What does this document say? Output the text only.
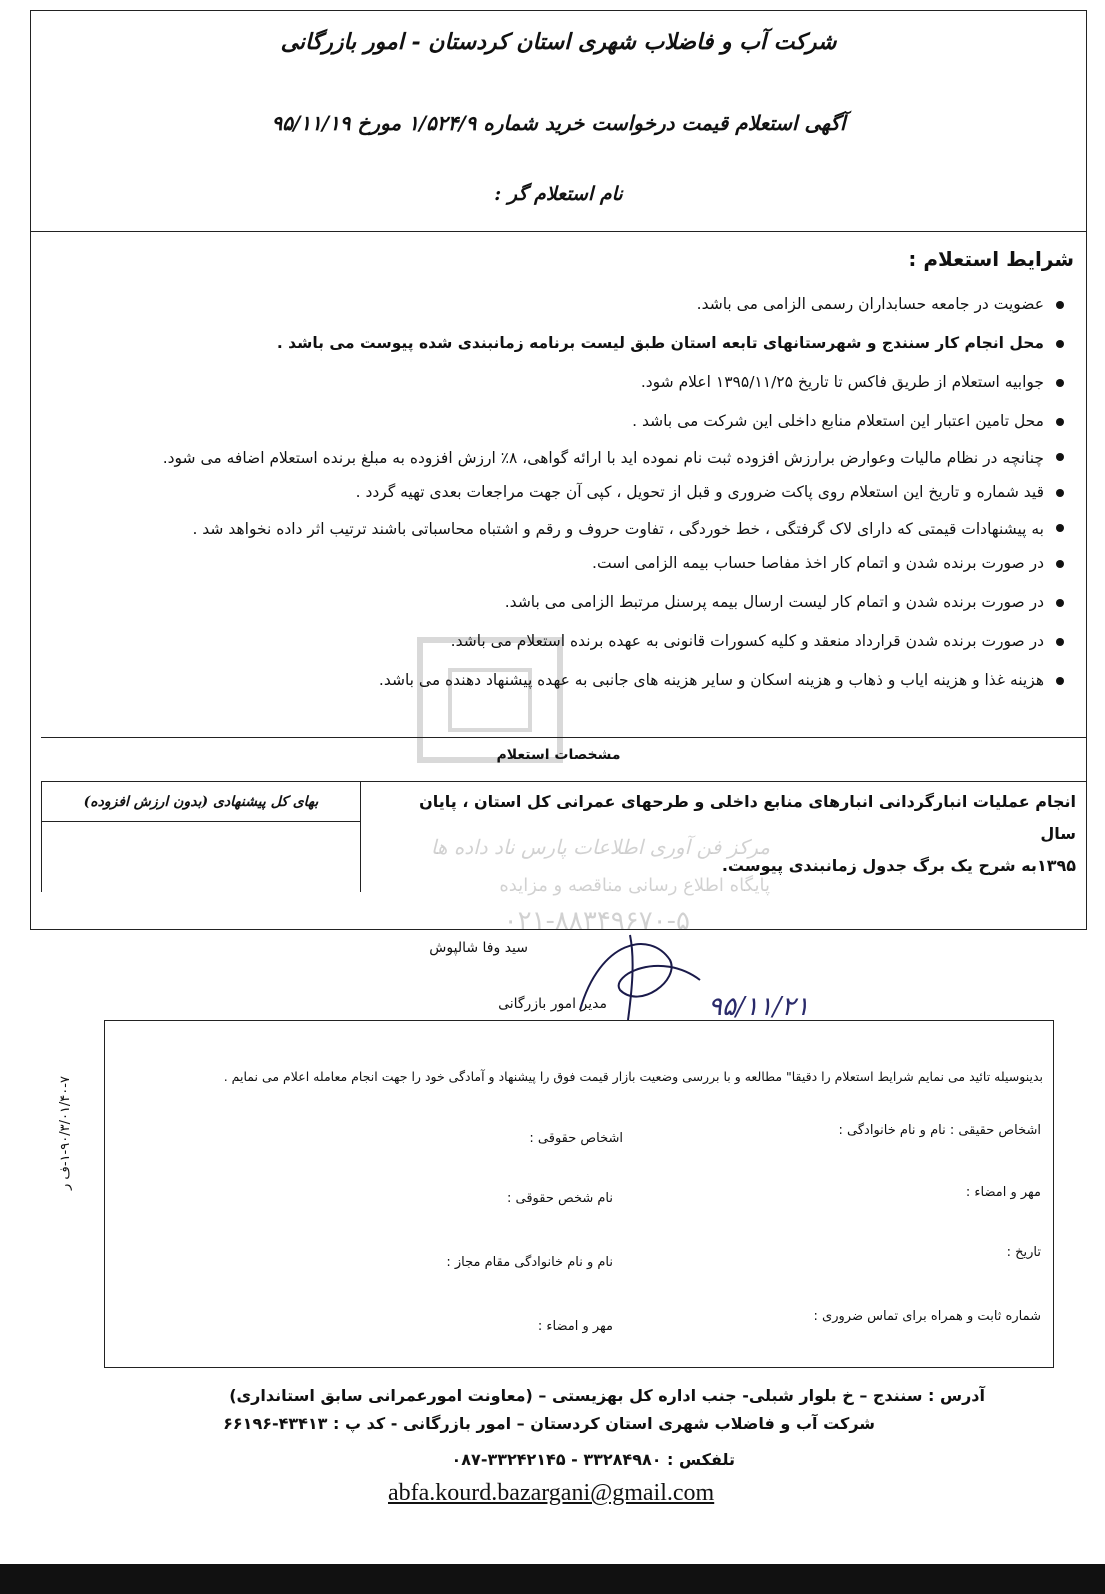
مرکز فن آوری اطلاعات پارس ناد داده ها
پایگاه اطلاع رسانی مناقصه و مزایده
۰۲۱-۸۸۳۴۹۶۷۰-۵
شرکت آب و فاضلاب شهری استان کردستان - امور بازرگانی
آگهی استعلام قیمت درخواست خرید شماره ۱/۵۲۴/۹ مورخ ۹۵/۱۱/۱۹
نام استعلام گر :
شرایط استعلام :
عضویت در جامعه حسابداران رسمی الزامی می باشد.
محل انجام کار سنندج و شهرستانهای تابعه استان طبق لیست برنامه زمانبندی شده پیوست می باشد .
جوابیه استعلام از طریق فاکس تا تاریخ ۱۳۹۵/۱۱/۲۵ اعلام شود.
محل تامین اعتبار این استعلام منابع داخلی این شرکت می باشد .
چنانچه در نظام مالیات وعوارض برارزش افزوده ثبت نام نموده اید با ارائه گواهی، ۸٪ ارزش افزوده به مبلغ برنده استعلام اضافه می شود.
قید شماره و تاریخ این استعلام روی پاکت ضروری و قبل از تحویل ، کپی آن جهت مراجعات بعدی تهیه گردد .
به پیشنهادات قیمتی که دارای لاک گرفتگی ، خط خوردگی ، تفاوت حروف و رقم و اشتباه محاسباتی باشند ترتیب اثر داده نخواهد شد .
در صورت برنده شدن و اتمام کار اخذ مفاصا حساب بیمه الزامی است.
در صورت برنده شدن و اتمام کار لیست ارسال بیمه پرسنل مرتبط الزامی می باشد.
در صورت برنده شدن قرارداد منعقد و کلیه کسورات قانونی به عهده برنده استعلام می باشد.
هزینه غذا و هزینه ایاب و ذهاب و هزینه اسکان و سایر هزینه های جانبی به عهده پیشنهاد دهنده می باشد.
مشخصات استعلام
انجام عملیات انبارگردانی انبارهای منابع داخلی و طرحهای عمرانی کل استان ، پایان سال
۱۳۹۵به شرح یک برگ جدول زمانبندی پیوست.
بهای کل پیشنهادی (بدون ارزش افزوده)
سید وفا شالپوش
مدیر امور بازرگانی	۹۵/۱۱/۲۱
بدینوسیله تائید می نمایم شرایط استعلام را دقیقا" مطالعه و با بررسی وضعیت بازار قیمت فوق را پیشنهاد و آمادگی خود را جهت انجام معامله اعلام می نمایم .
اشخاص حقیقی : نام و نام خانوادگی :
اشخاص حقوقی :
مهر و امضاء :
نام شخص حقوقی :
تاریخ :
نام و نام خانوادگی مقام مجاز :
شماره ثابت و همراه برای تماس ضروری :
مهر و امضاء :
۱-۹۰/۳/۰۱/۴۰-۷-ف ر
آدرس : سنندج – خ بلوار شبلی- جنب اداره کل بهزیستی – (معاونت امورعمرانی سابق استانداری)
شرکت آب و فاضلاب شهری استان کردستان – امور بازرگانی - کد پ : ۴۳۴۱۳-۶۶۱۹۶
تلفکس : ۳۳۲۸۴۹۸۰ - ۳۳۲۴۲۱۴۵-۰۸۷
abfa.kourd.bazargani@gmail.com
